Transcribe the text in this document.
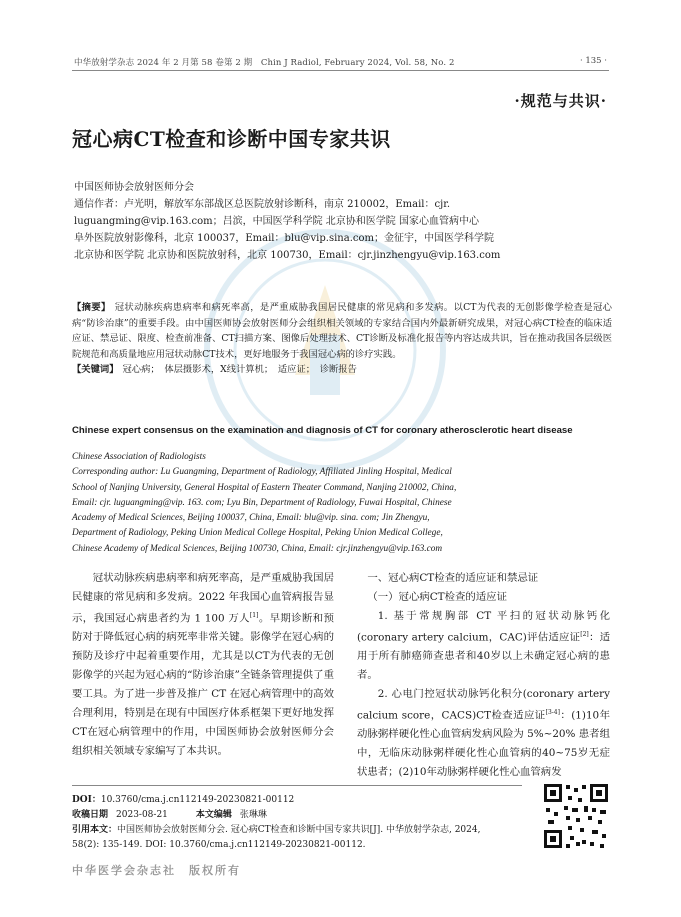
中华放射学杂志 2024 年 2 月第 58 卷第 2 期　Chin J Radiol, February 2024, Vol. 58, No. 2	· 135 ·
·规范与共识·
冠心病CT检查和诊断中国专家共识
中国医师协会放射医师分会
通信作者：卢光明，解放军东部战区总医院放射诊断科，南京 210002，Email：cjr.
luguangming@vip.163.com；吕滨，中国医学科学院 北京协和医学院 国家心血管病中心
阜外医院放射影像科，北京 100037，Email：blu@vip.sina.com；金征宇，中国医学科学院
北京协和医学院 北京协和医院放射科，北京 100730，Email：cjr.jinzhengyu@vip.163.com
【摘要】 冠状动脉疾病患病率和病死率高，是严重威胁我国居民健康的常见病和多发病。以CT为代表的无创影像学检查是冠心病“防诊治康”的重要手段。由中国医师协会放射医师分会组织相关领域的专家结合国内外最新研究成果，对冠心病CT检查的临床适应证、禁忌证、限度、检查前准备、CT扫描方案、图像后处理技术、CT诊断及标准化报告等内容达成共识，旨在推动我国各层级医院规范和高质量地应用冠状动脉CT技术，更好地服务于我国冠心病的诊疗实践。
【关键词】 冠心病；　体层摄影术，X线计算机；　适应证；　诊断报告
Chinese expert consensus on the examination and diagnosis of CT for coronary atherosclerotic heart disease
Chinese Association of Radiologists
Corresponding author: Lu Guangming, Department of Radiology, Affiliated Jinling Hospital, Medical
School of Nanjing University, General Hospital of Eastern Theater Command, Nanjing 210002, China,
Email: cjr. luguangming@vip. 163. com; Lyu Bin, Department of Radiology, Fuwai Hospital, Chinese
Academy of Medical Sciences, Beijing 100037, China, Email: blu@vip. sina. com; Jin Zhengyu,
Department of Radiology, Peking Union Medical College Hospital, Peking Union Medical College,
Chinese Academy of Medical Sciences, Beijing 100730, China, Email: cjr.jinzhengyu@vip.163.com

冠状动脉疾病患病率和病死率高，是严重威胁我国居民健康的常见病和多发病。2022 年我国心血管病报告显示，我国冠心病患者约为 1 100 万人[1]。早期诊断和预防对于降低冠心病的病死率非常关键。影像学在冠心病的预防及诊疗中起着重要作用，尤其是以CT为代表的无创影像学的兴起为冠心病的“防诊治康”全链条管理提供了重要工具。为了进一步普及推广 CT 在冠心病管理中的高效合理利用，特别是在现有中国医疗体系框架下更好地发挥CT在冠心病管理中的作用，中国医师协会放射医师分会组织相关领域专家编写了本共识。

一、冠心病CT检查的适应证和禁忌证

（一）冠心病CT检查的适应证

1. 基于常规胸部 CT 平扫的冠状动脉钙化(coronary artery calcium，CAC)评估适应证[2]：适用于所有肺癌筛查患者和40岁以上未确定冠心病的患者。

2. 心电门控冠状动脉钙化积分(coronary artery calcium score，CACS)CT检查适应证[3-4]：(1)10年动脉粥样硬化性心血管病发病风险为 5%~20% 患者组中，无临床动脉粥样硬化性心血管病的40~75岁无症状患者；(2)10年动脉粥样硬化性心血管病发

DOI：10.3760/cma.j.cn112149-20230821-00112
收稿日期 2023-08-21	本文编辑 张琳琳
引用本文：中国医师协会放射医师分会. 冠心病CT检查和诊断中国专家共识[J]. 中华放射学杂志, 2024,
58(2): 135-149. DOI: 10.3760/cma.j.cn112149-20230821-00112.
中华医学会杂志社　版权所有
